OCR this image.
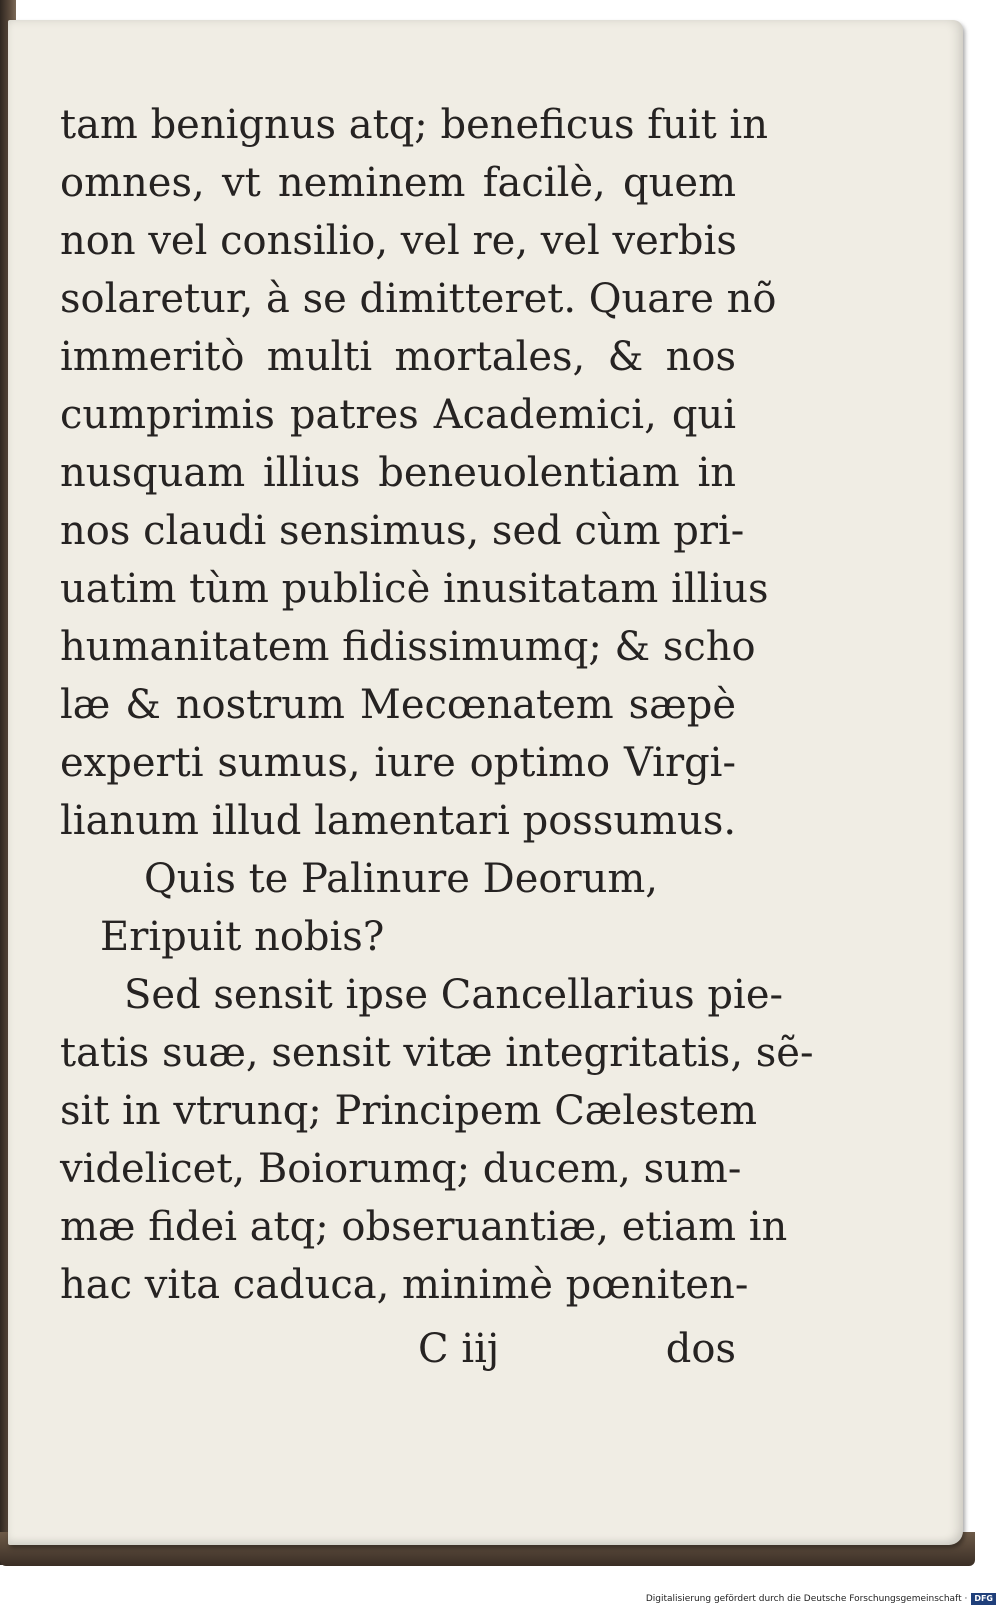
tam benignus atq; beneficus fuit in
omnes, vt neminem facilè, quem
non vel consilio, vel re, vel verbis
solaretur, à se dimitteret. Quare nõ
immeritò multi mortales, & nos
cumprimis patres Academici, qui
nusquam illius beneuolentiam in
nos claudi sensimus, sed cùm pri-
uatim tùm publicè inusitatam illius
humanitatem fidissimumq; & scho
læ & nostrum Mecœnatem sæpè
experti sumus, iure optimo Virgi-
lianum illud lamentari possumus.
Quis te Palinure Deorum,
Eripuit nobis?
Sed sensit ipse Cancellarius pie-
tatis suæ, sensit vitæ integritatis, sẽ-
sit in vtrunq; Principem Cælestem
videlicet, Boiorumq; ducem, sum-
mæ fidei atq; obseruantiæ, etiam in
hac vita caduca, minimè pœniten-
C iij	dos
Digitalisierung gefördert durch die Deutsche Forschungsgemeinschaft · DFG
